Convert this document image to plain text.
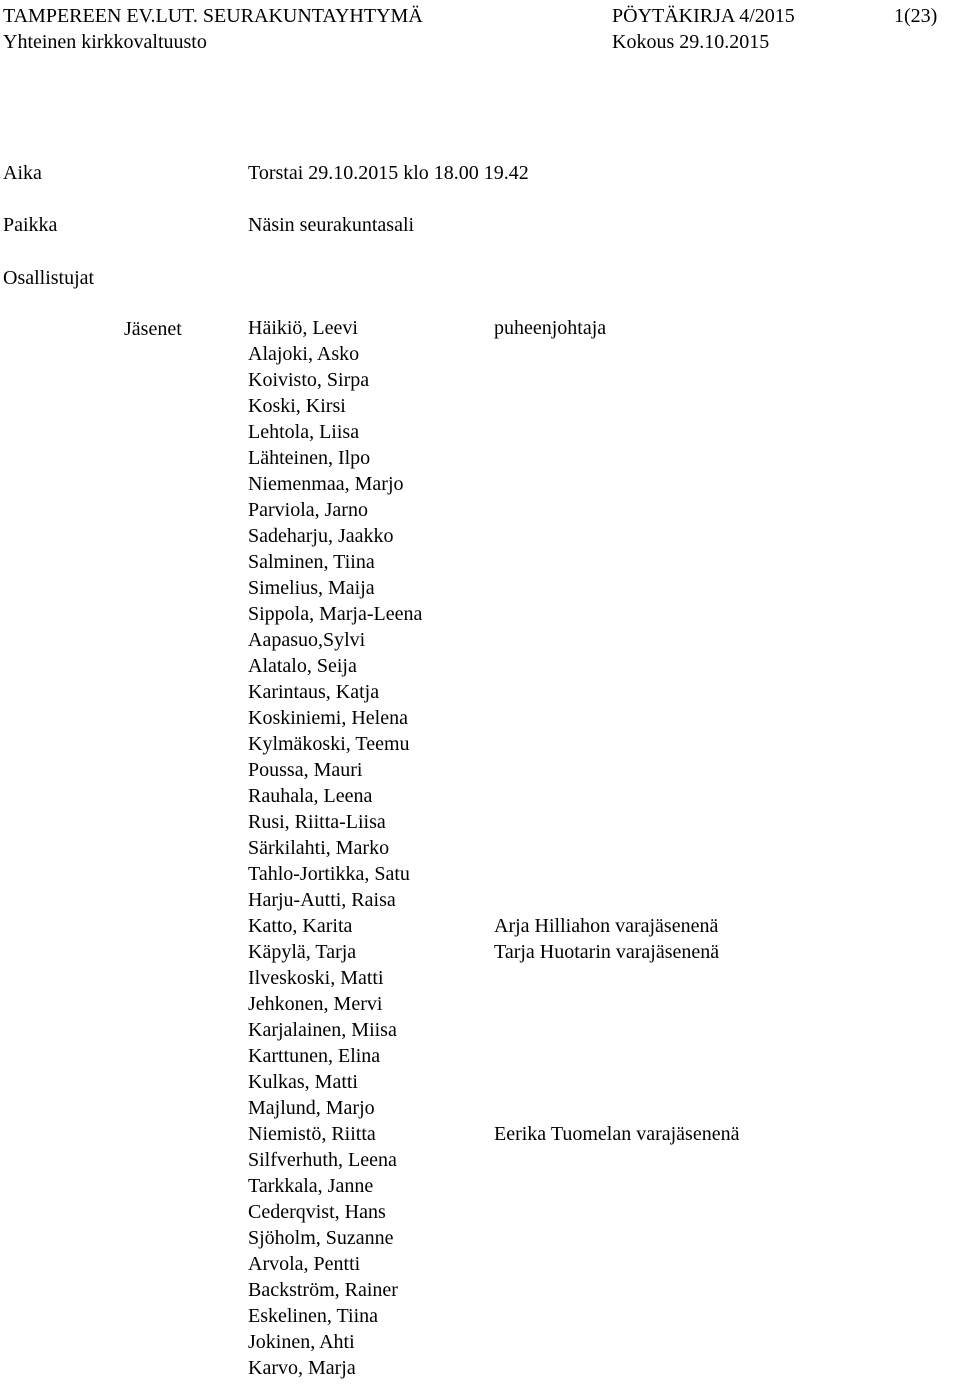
TAMPEREEN EV.LUT. SEURAKUNTAYHTYMÄ	PÖYTÄKIRJA 4/2015	1(23)
Yhteinen kirkkovaltuusto	Kokous 29.10.2015
Aika	Torstai 29.10.2015 klo 18.00 19.42
Paikka	Näsin seurakuntasali
Osallistujat
Jäsenet	Häikiö, Leevi	puheenjohtaja
Alajoki, Asko
Koivisto, Sirpa
Koski, Kirsi
Lehtola, Liisa
Lähteinen, Ilpo
Niemenmaa, Marjo
Parviola, Jarno
Sadeharju, Jaakko
Salminen, Tiina
Simelius, Maija
Sippola, Marja-Leena
Aapasuo,Sylvi
Alatalo, Seija
Karintaus, Katja
Koskiniemi, Helena
Kylmäkoski, Teemu
Poussa, Mauri
Rauhala, Leena
Rusi, Riitta-Liisa
Särkilahti, Marko
Tahlo-Jortikka, Satu
Harju-Autti, Raisa
Katto, Karita	Arja Hilliahon varajäsenenä
Käpylä, Tarja	Tarja Huotarin varajäsenenä
Ilveskoski, Matti
Jehkonen, Mervi
Karjalainen, Miisa
Karttunen, Elina
Kulkas, Matti
Majlund, Marjo
Niemistö, Riitta	Eerika Tuomelan varajäsenenä
Silfverhuth, Leena
Tarkkala, Janne
Cederqvist, Hans
Sjöholm, Suzanne
Arvola, Pentti
Backström, Rainer
Eskelinen, Tiina
Jokinen, Ahti
Karvo, Marja
